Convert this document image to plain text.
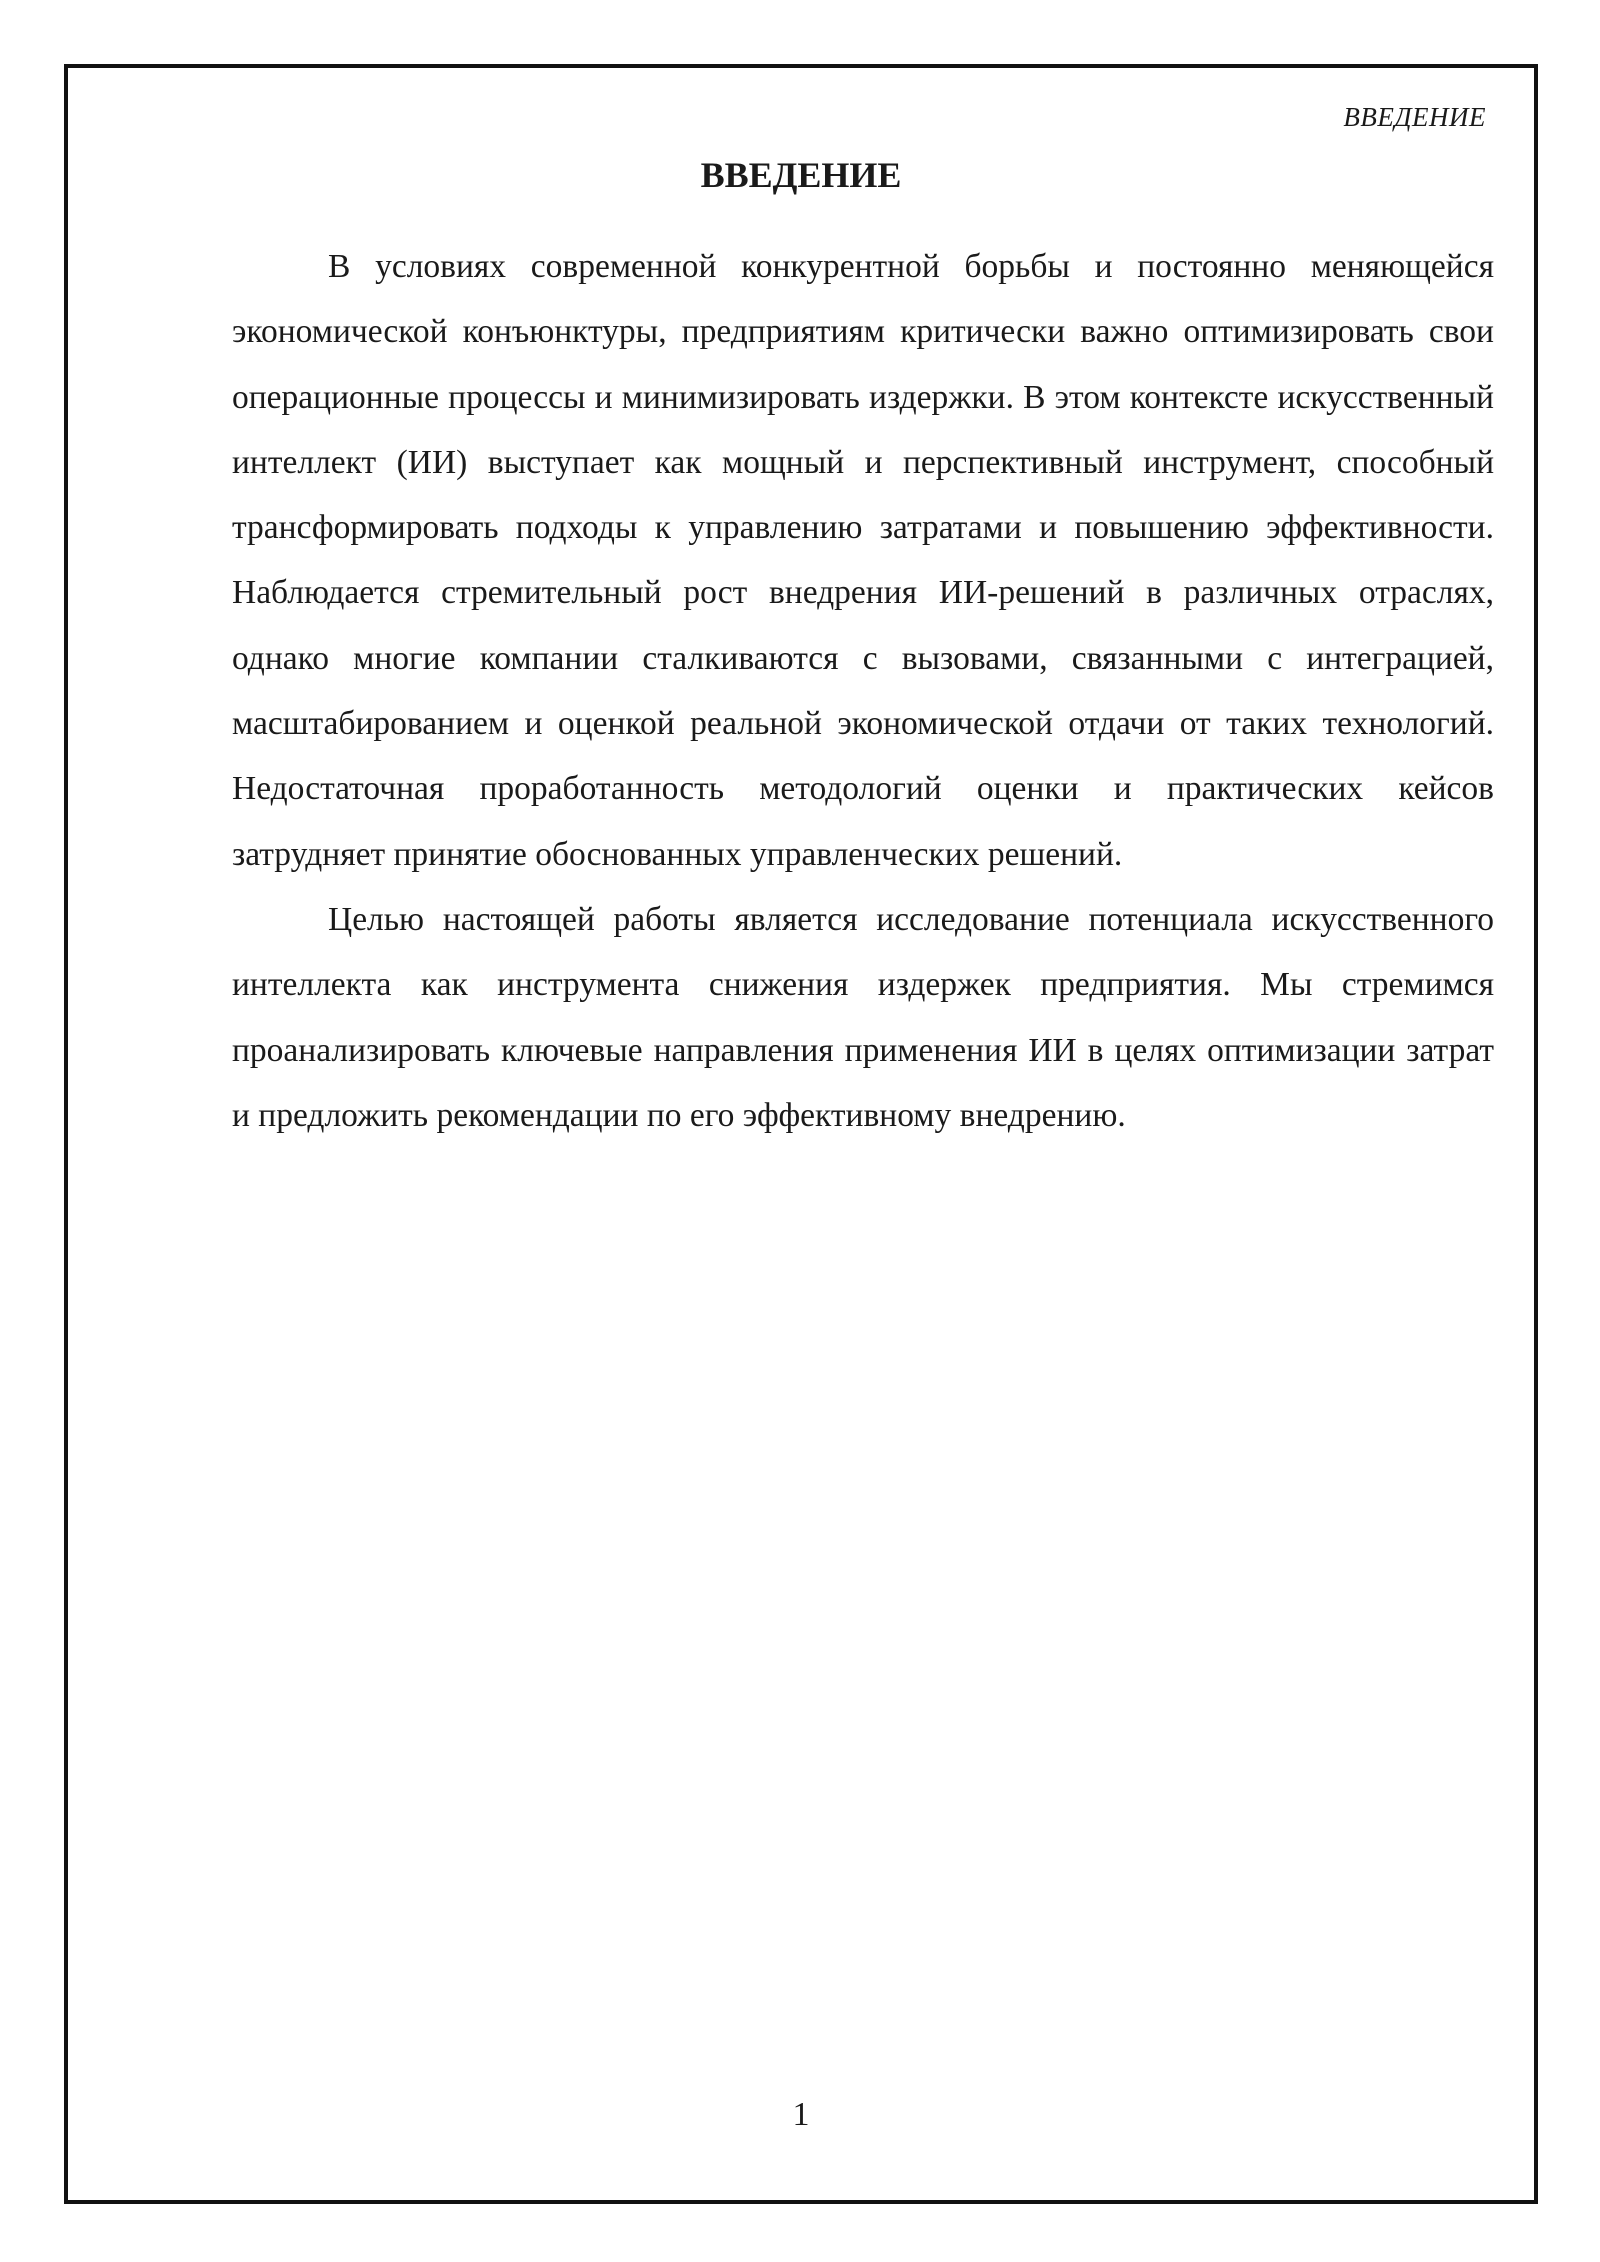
ВВЕДЕНИЕ
ВВЕДЕНИЕ

В условиях современной конкурентной борьбы и постоянно меняющейся экономической конъюнктуры, предприятиям критически важно оптимизировать свои операционные процессы и минимизировать издержки. В этом контексте искусственный интеллект (ИИ) выступает как мощный и перспективный инструмент, способный трансформировать подходы к управлению затратами и повышению эффективности. Наблюдается стремительный рост внедрения ИИ-решений в различных отраслях, однако многие компании сталкиваются с вызовами, связанными с интеграцией, масштабированием и оценкой реальной экономической отдачи от таких технологий. Недостаточная проработанность методологий оценки и практических кейсов затрудняет принятие обоснованных управленческих решений.

Целью настоящей работы является исследование потенциала искусственного интеллекта как инструмента снижения издержек предприятия. Мы стремимся проанализировать ключевые направления применения ИИ в целях оптимизации затрат и предложить рекомендации по его эффективному внедрению.

1
